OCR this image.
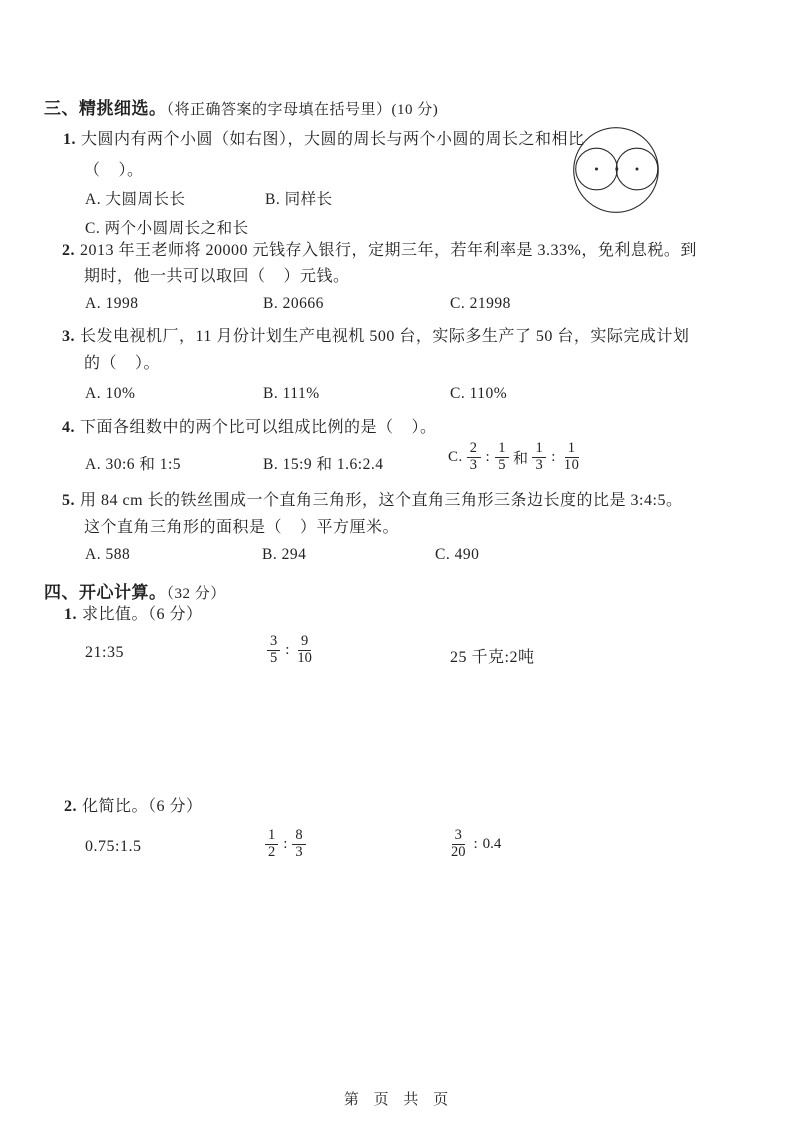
三、精挑细选。（将正确答案的字母填在括号里）(10 分)
1. 大圆内有两个小圆（如右图），大圆的周长与两个小圆的周长之和相比
（    ）。
A. 大圆周长长	B. 同样长
C. 两个小圆周长之和长
2. 2013 年王老师将 20000 元钱存入银行，定期三年，若年利率是 3.33%，免利息税。到
期时，他一共可以取回（    ）元钱。
A. 1998	B. 20666	C. 21998
3. 长发电视机厂，11 月份计划生产电视机 500 台，实际多生产了 50 台，实际完成计划
的（    ）。
A. 10%	B. 111%	C. 110%
4. 下面各组数中的两个比可以组成比例的是（    ）。
A. 30:6 和 1:5	B. 15:9 和 1.6:2.4	C. $\frac{2}{3}$ : $\frac{1}{5}$ 和 $\frac{1}{3}$ : $\frac{1}{10}$
5. 用 84 cm 长的铁丝围成一个直角三角形，这个直角三角形三条边长度的比是 3:4:5。
这个直角三角形的面积是（    ）平方厘米。
A. 588	B. 294	C. 490
四、开心计算。（32 分）
1. 求比值。（6 分）
21:35	$\frac{3}{5}$ : $\frac{9}{10}$	25 千克:2吨
2. 化简比。（6 分）
0.75:1.5	$\frac{1}{2}$ : $\frac{8}{3}$	$\frac{3}{20}$ : 0.4
第 页 共 页
